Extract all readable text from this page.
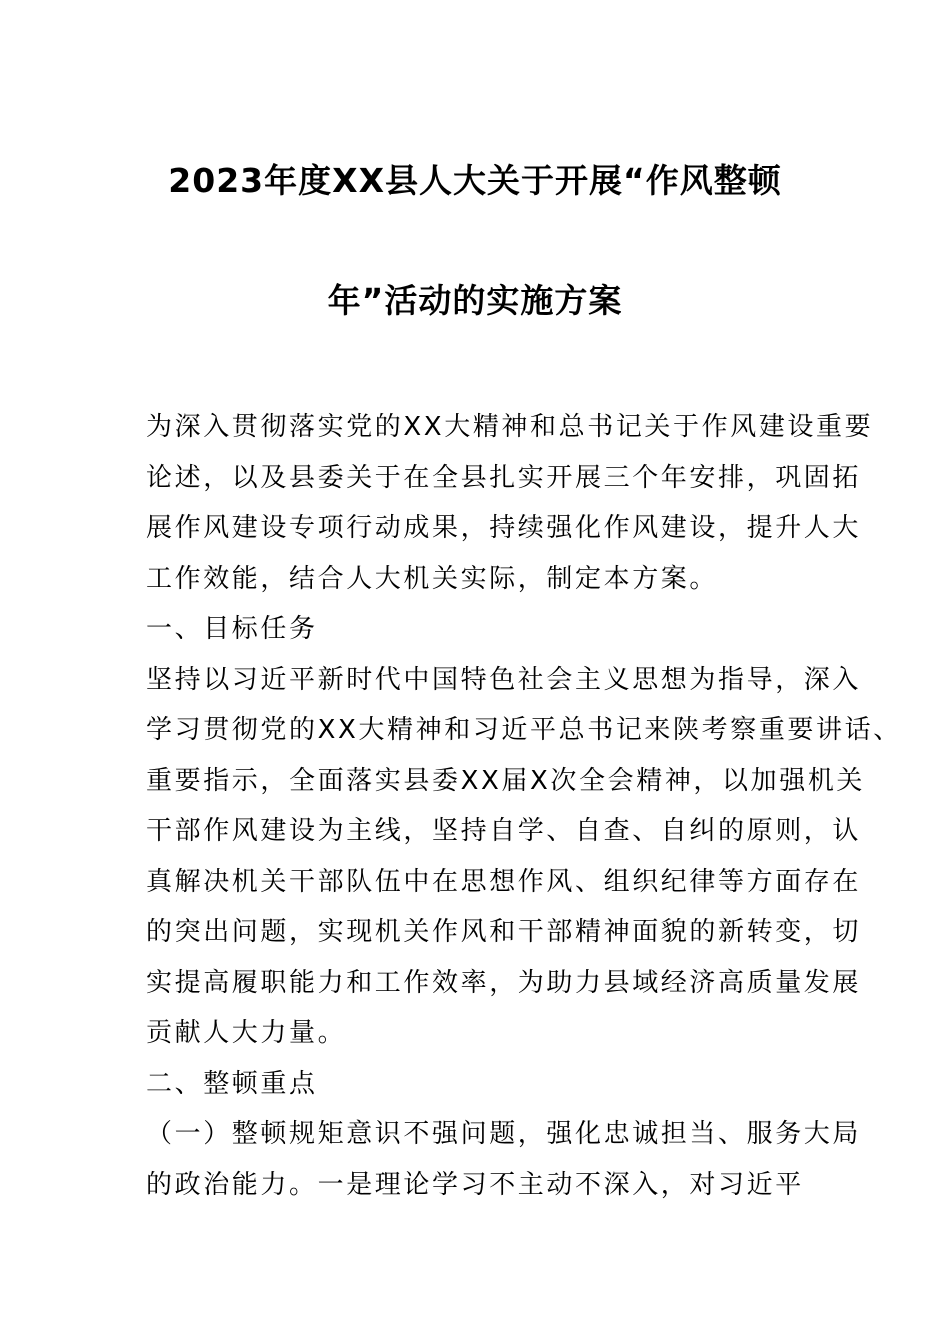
2023年度XX县人大关于开展“作风整顿
年”活动的实施方案
为深入贯彻落实党的XX大精神和总书记关于作风建设重要
论述，以及县委关于在全县扎实开展三个年安排，巩固拓
展作风建设专项行动成果，持续强化作风建设，提升人大
工作效能，结合人大机关实际，制定本方案。
一、目标任务
坚持以习近平新时代中国特色社会主义思想为指导，深入
学习贯彻党的XX大精神和习近平总书记来陕考察重要讲话、
重要指示，全面落实县委XX届X次全会精神，以加强机关
干部作风建设为主线，坚持自学、自查、自纠的原则，认
真解决机关干部队伍中在思想作风、组织纪律等方面存在
的突出问题，实现机关作风和干部精神面貌的新转变，切
实提高履职能力和工作效率，为助力县域经济高质量发展
贡献人大力量。
二、整顿重点
（一）整顿规矩意识不强问题，强化忠诚担当、服务大局
的政治能力。一是理论学习不主动不深入，对习近平
